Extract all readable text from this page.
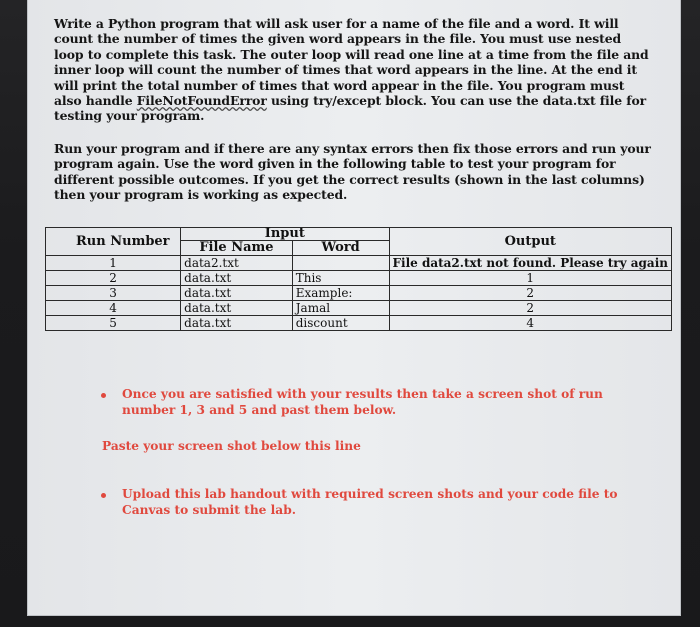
Write a Python program that will ask user for a name of the file and a word. It will count the number of times the given word appears in the file. You must use nested loop to complete this task. The outer loop will read one line at a time from the file and inner loop will count the number of times that word appears in the line. At the end it will print the total number of times that word appear in the file. You program must also handle FileNotFoundError using try/except block. You can use the data.txt file for testing your program.

Run your program and if there are any syntax errors then fix those errors and run your program again. Use the word given in the following table to test your program for different possible outcomes. If you get the correct results (shown in the last columns) then your program is working as expected.

Run Number	Input		Output
	File Name	Word	
1	data2.txt		File data2.txt not found. Please try again
2	data.txt	This	1
3	data.txt	Example:	2
4	data.txt	Jamal	2
5	data.txt	discount	4

Once you are satisfied with your results then take a screen shot of run number 1, 3 and 5 and past them below.

Paste your screen shot below this line

Upload this lab handout with required screen shots and your code file to Canvas to submit the lab.
